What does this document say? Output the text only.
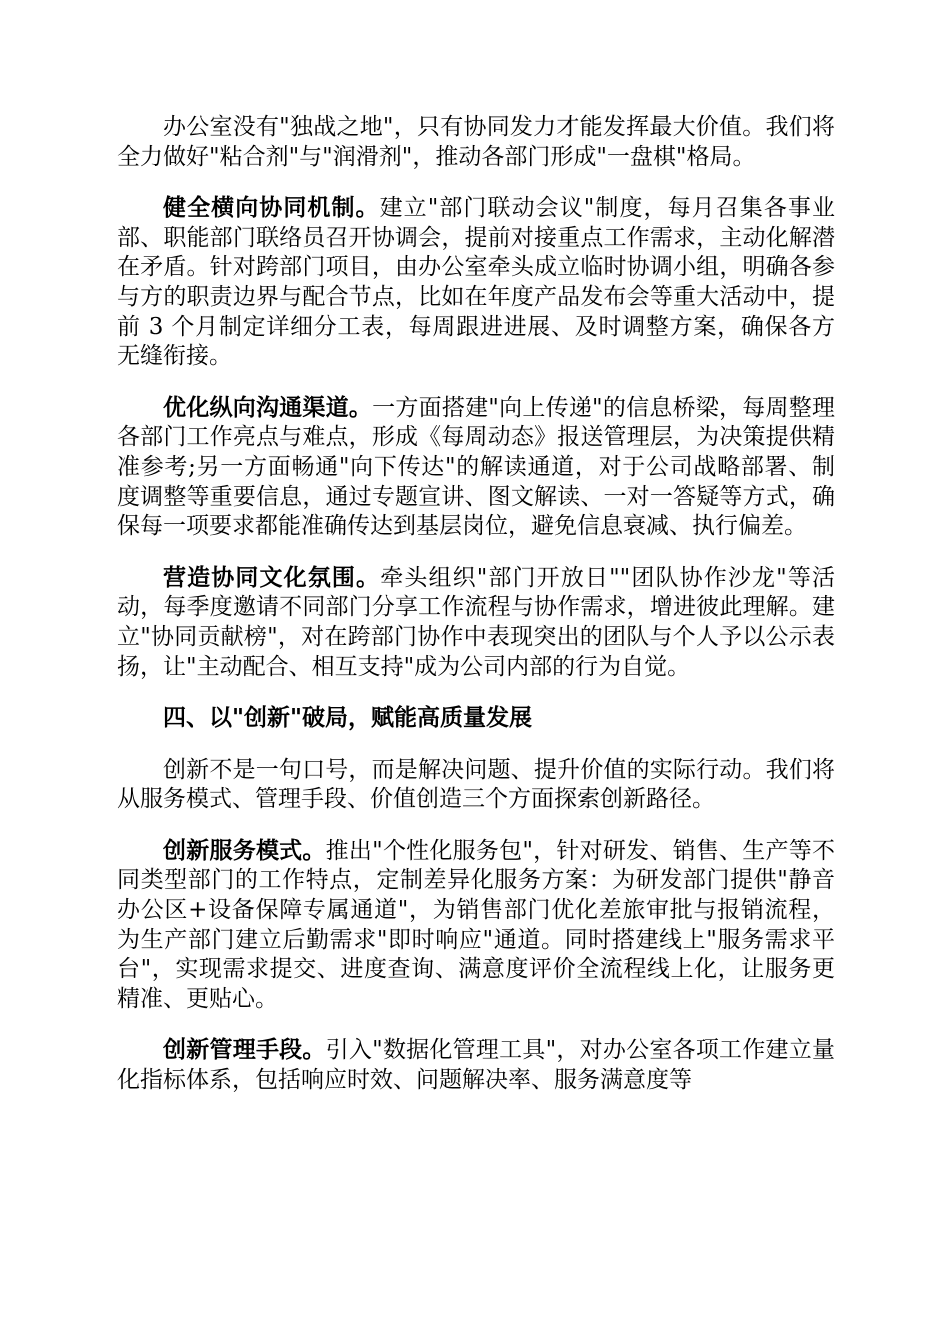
办公室没有"独战之地"，只有协同发力才能发挥最大价值。我们将全力做好"粘合剂"与"润滑剂"，推动各部门形成"一盘棋"格局。

健全横向协同机制。建立"部门联动会议"制度，每月召集各事业部、职能部门联络员召开协调会，提前对接重点工作需求，主动化解潜在矛盾。针对跨部门项目，由办公室牵头成立临时协调小组，明确各参与方的职责边界与配合节点，比如在年度产品发布会等重大活动中，提前 3 个月制定详细分工表，每周跟进进展、及时调整方案，确保各方无缝衔接。

优化纵向沟通渠道。一方面搭建"向上传递"的信息桥梁，每周整理各部门工作亮点与难点，形成《每周动态》报送管理层，为决策提供精准参考;另一方面畅通"向下传达"的解读通道，对于公司战略部署、制度调整等重要信息，通过专题宣讲、图文解读、一对一答疑等方式，确保每一项要求都能准确传达到基层岗位，避免信息衰减、执行偏差。

营造协同文化氛围。牵头组织"部门开放日""团队协作沙龙"等活动，每季度邀请不同部门分享工作流程与协作需求，增进彼此理解。建立"协同贡献榜"，对在跨部门协作中表现突出的团队与个人予以公示表扬，让"主动配合、相互支持"成为公司内部的行为自觉。

四、以"创新"破局，赋能高质量发展

创新不是一句口号，而是解决问题、提升价值的实际行动。我们将从服务模式、管理手段、价值创造三个方面探索创新路径。

创新服务模式。推出"个性化服务包"，针对研发、销售、生产等不同类型部门的工作特点，定制差异化服务方案：为研发部门提供"静音办公区+设备保障专属通道"，为销售部门优化差旅审批与报销流程，为生产部门建立后勤需求"即时响应"通道。同时搭建线上"服务需求平台"，实现需求提交、进度查询、满意度评价全流程线上化，让服务更精准、更贴心。

创新管理手段。引入"数据化管理工具"，对办公室各项工作建立量化指标体系，包括响应时效、问题解决率、服务满意度等
